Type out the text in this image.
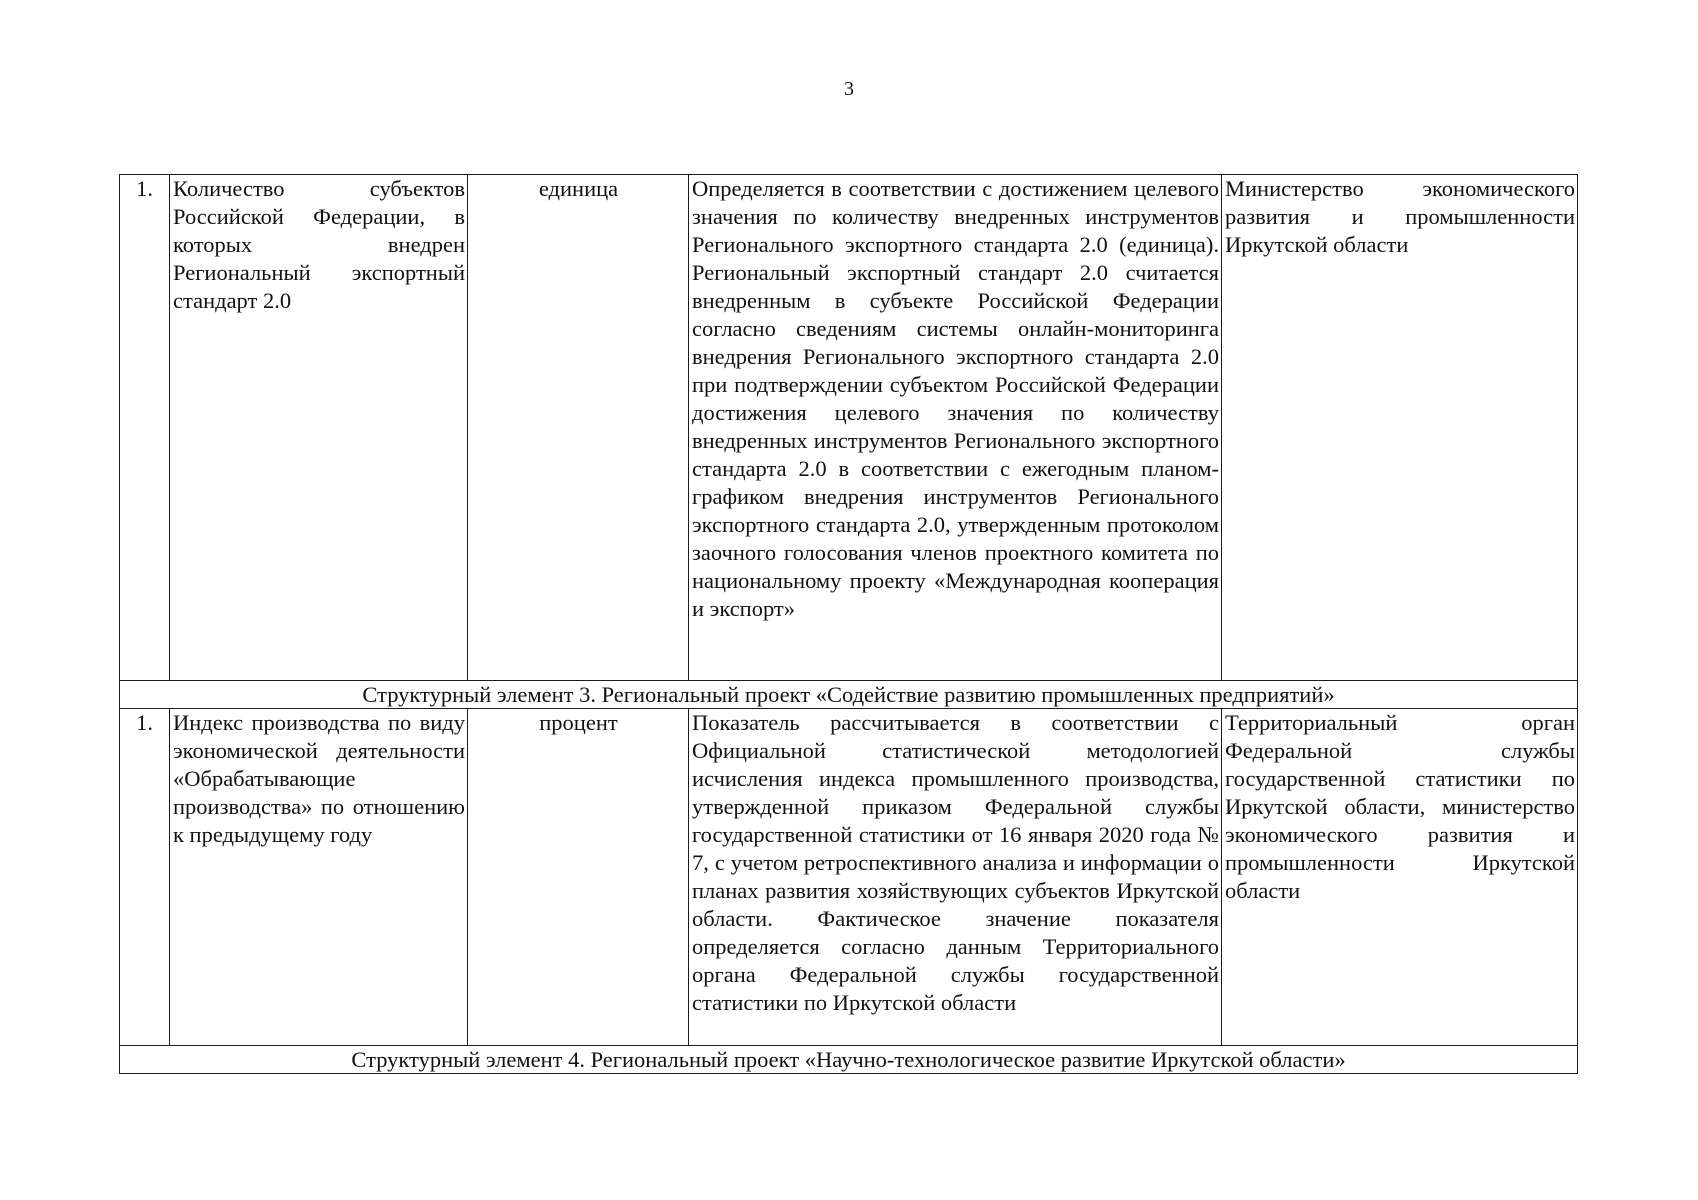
3
1.	Количество субъектов Российской Федерации, в которых внедрен Региональный экспортный стандарт 2.0	единица	Определяется в соответствии с достижением целевого значения по количеству внедренных инструментов Регионального экспортного стандарта 2.0 (единица). Региональный экспортный стандарт 2.0 считается внедренным в субъекте Российской Федерации согласно сведениям системы онлайн-мониторинга внедрения Регионального экспортного стандарта 2.0 при подтверждении субъектом Российской Федерации достижения целевого значения по количеству внедренных инструментов Регионального экспортного стандарта 2.0 в соответствии с ежегодным планом-графиком внедрения инструментов Регионального экспортного стандарта 2.0, утвержденным протоколом заочного голосования членов проектного комитета по национальному проекту «Международная кооперация и экспорт»	Министерство экономического развития и промышленности Иркутской области
Структурный элемент 3. Региональный проект «Содействие развитию промышленных предприятий»				
1.	Индекс производства по виду экономической деятельности «Обрабатывающие производства» по отношению к предыдущему году	процент	Показатель рассчитывается в соответствии с Официальной статистической методологией исчисления индекса промышленного производства, утвержденной приказом Федеральной службы государственной статистики от 16 января 2020 года № 7, с учетом ретроспективного анализа и информации о планах развития хозяйствующих субъектов Иркутской области. Фактическое значение показателя определяется согласно данным Территориального органа Федеральной службы государственной статистики по Иркутской области	Территориальный орган Федеральной службы государственной статистики по Иркутской области, министерство экономического развития и промышленности Иркутской области
Структурный элемент 4. Региональный проект «Научно-технологическое развитие Иркутской области»				
